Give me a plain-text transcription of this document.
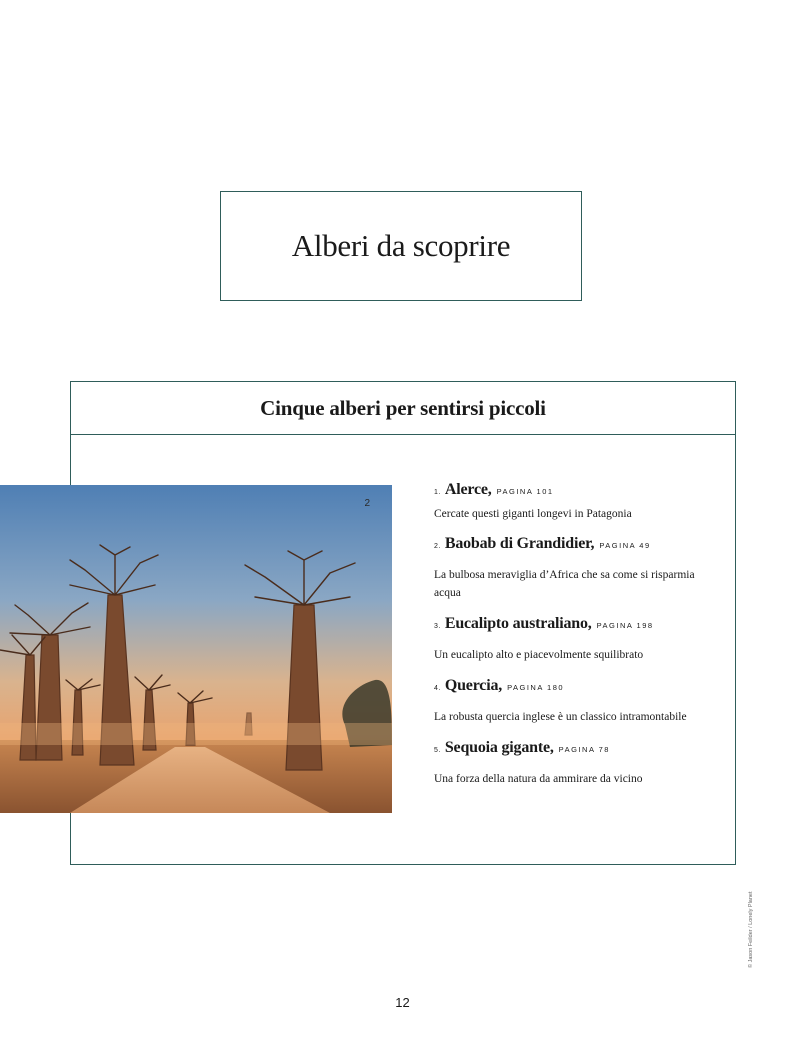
Alberi da scoprire
Cinque alberi per sentirsi piccoli
2
1. Alerce, PAGINA 101
Cercate questi giganti longevi in Patagonia
2. Baobab di Grandidier, PAGINA 49
La bulbosa meraviglia d’Africa che sa come si risparmia acqua
3. Eucalipto australiano, PAGINA 198
Un eucalipto alto e piacevolmente squilibrato
4. Quercia, PAGINA 180
La robusta quercia inglese è un classico intramontabile
5. Sequoia gigante, PAGINA 78
Una forza della natura da ammirare da vicino
© Jason Feilder / Lonely Planet
12
